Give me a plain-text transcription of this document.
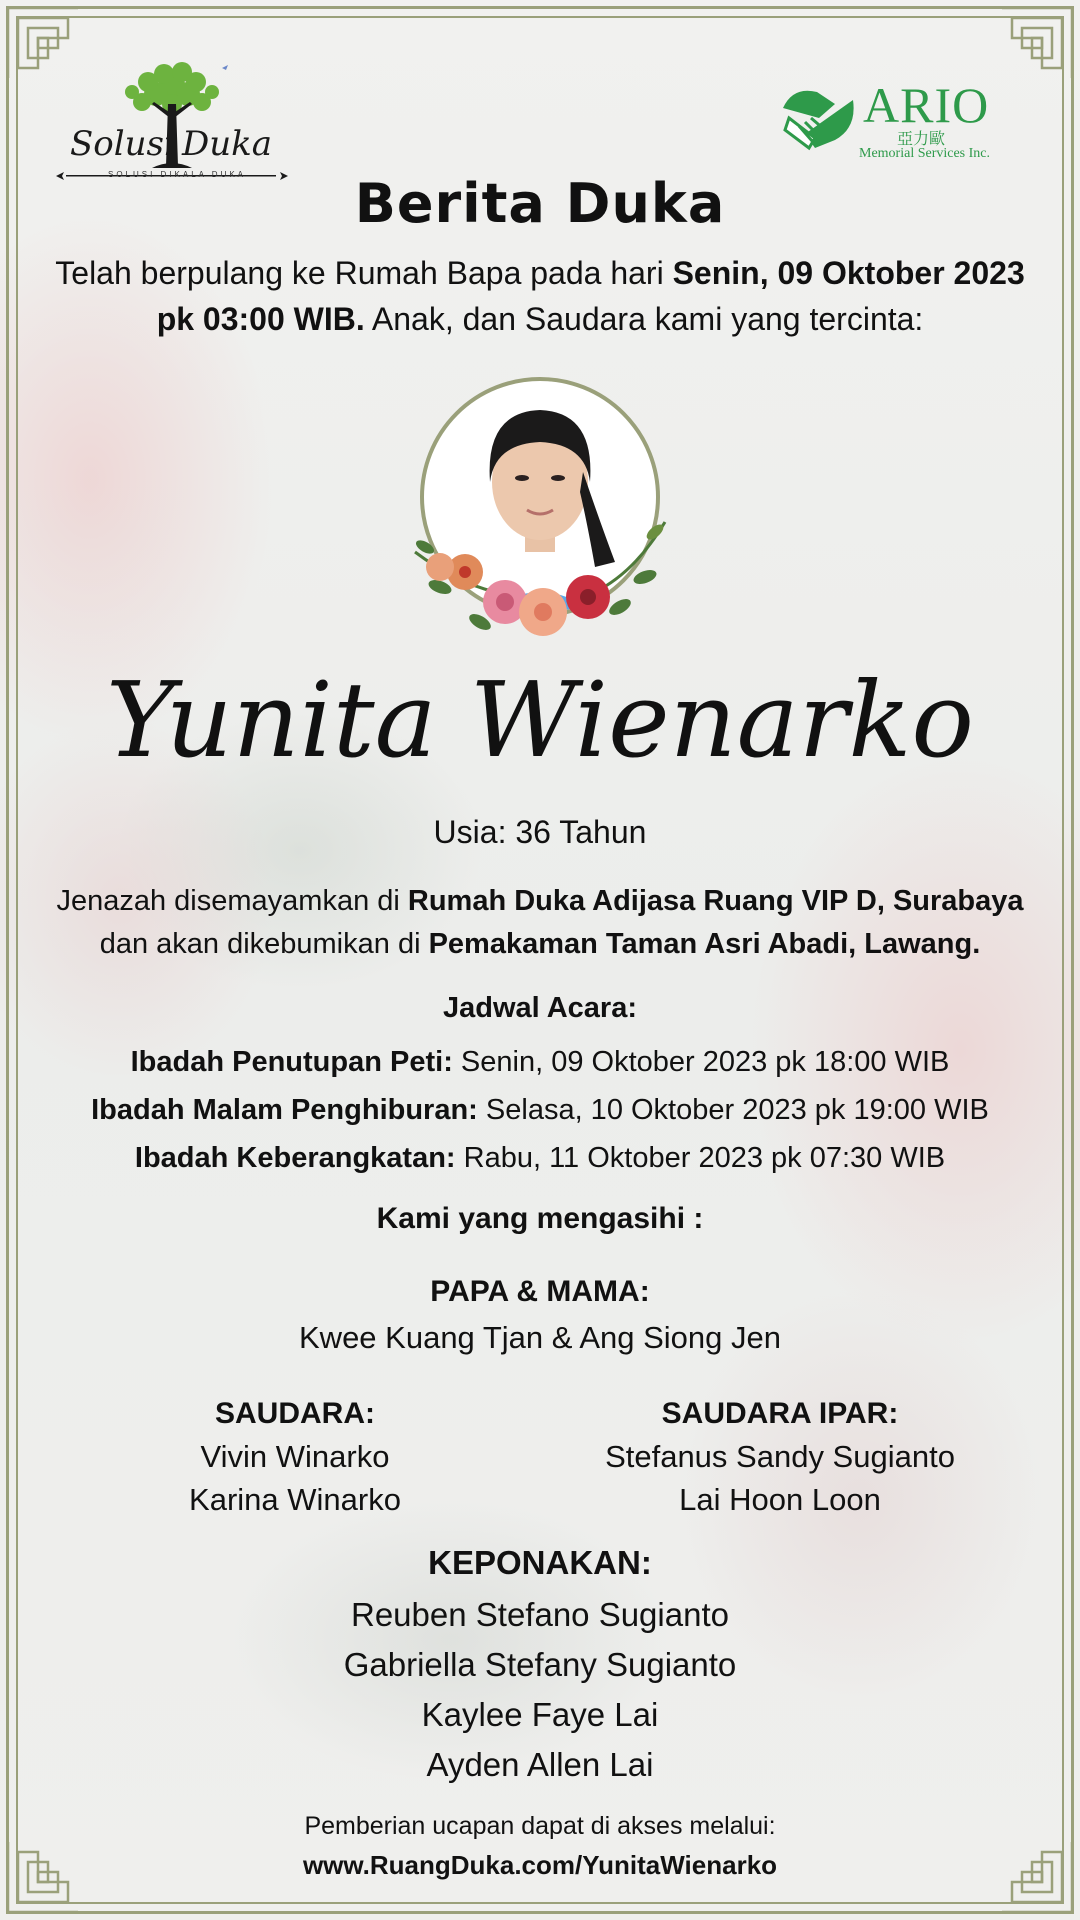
Solusi Duka
SOLUSI DIKALA DUKA
ARIO
亞力歐
Memorial Services Inc.
Berita Duka
Telah berpulang ke Rumah Bapa pada hari Senin, 09 Oktober 2023
pk 03:00 WIB. Anak, dan Saudara kami yang tercinta:
Yunita Wienarko
Usia: 36 Tahun
Jenazah disemayamkan di Rumah Duka Adijasa Ruang VIP D, Surabaya
dan akan dikebumikan di Pemakaman Taman Asri Abadi, Lawang.
Jadwal Acara:
Ibadah Penutupan Peti: Senin, 09 Oktober 2023 pk 18:00 WIB
Ibadah Malam Penghiburan: Selasa, 10 Oktober 2023 pk 19:00 WIB
Ibadah Keberangkatan: Rabu, 11 Oktober 2023 pk 07:30 WIB
Kami yang mengasihi :
PAPA & MAMA:
Kwee Kuang Tjan & Ang Siong Jen
SAUDARA:
Vivin Winarko
Karina Winarko
SAUDARA IPAR:
Stefanus Sandy Sugianto
Lai Hoon Loon
KEPONAKAN:
Reuben Stefano Sugianto
Gabriella Stefany Sugianto
Kaylee Faye Lai
Ayden Allen Lai
Pemberian ucapan dapat di akses melalui:
www.RuangDuka.com/YunitaWienarko
